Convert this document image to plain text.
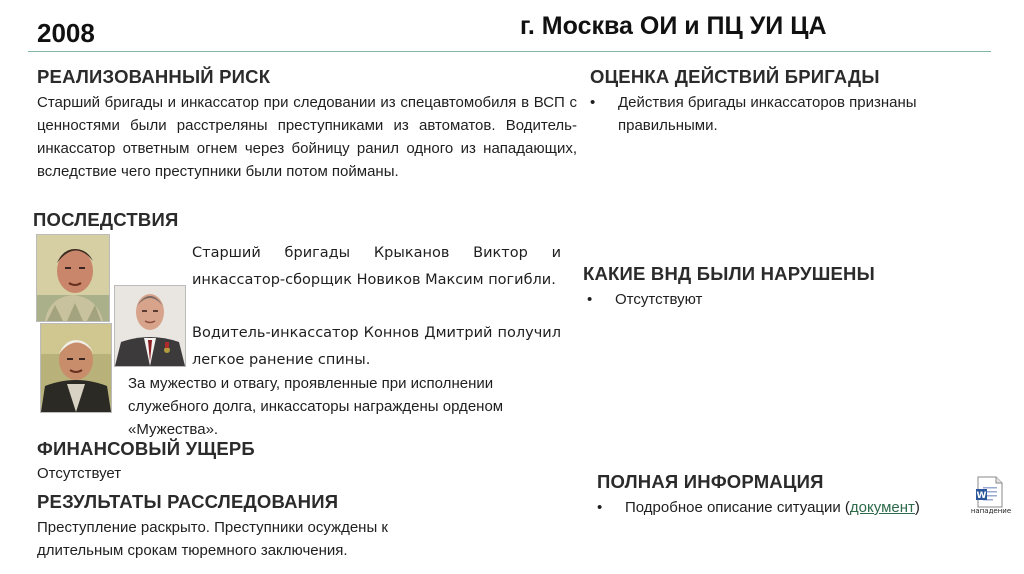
2008	г. Москва ОИ и ПЦ УИ ЦА
РЕАЛИЗОВАННЫЙ РИСК
Старший бригады и инкассатор при следовании из спецавтомобиля в ВСП с ценностями были расстреляны преступниками из автоматов. Водитель-инкассатор ответным огнем через бойницу ранил одного из нападающих, вследствие чего преступники были потом пойманы.
ОЦЕНКА ДЕЙСТВИЙ БРИГАДЫ
•	Действия бригады инкассаторов признаны правильными.
ПОСЛЕДСТВИЯ
Старший бригады Крыканов Виктор и инкассатор-сборщик Новиков Максим погибли.
Водитель-инкассатор Коннов Дмитрий получил легкое ранение спины.
За мужество и отвагу, проявленные при исполнении служебного долга, инкассаторы награждены орденом «Мужества».
КАКИЕ ВНД БЫЛИ НАРУШЕНЫ
•	Отсутствуют
ФИНАНСОВЫЙ УЩЕРБ
Отсутствует
РЕЗУЛЬТАТЫ РАССЛЕДОВАНИЯ
Преступление раскрыто. Преступники осуждены к длительным срокам тюремного заключения.
ПОЛНАЯ ИНФОРМАЦИЯ
•	Подробное описание ситуации (документ)
W
нападение
